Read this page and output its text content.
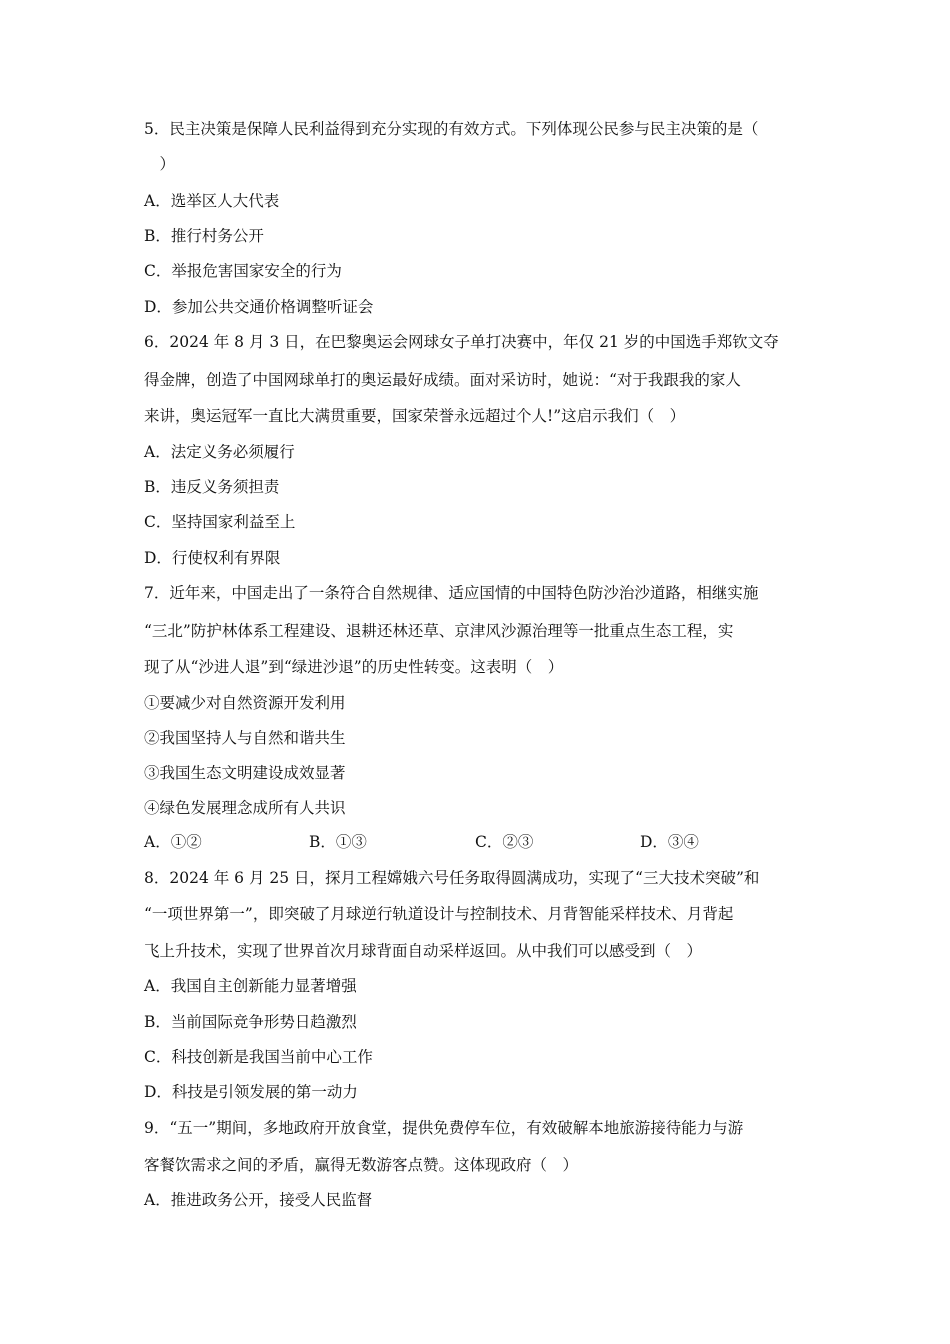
5．民主决策是保障人民利益得到充分实现的有效方式。下列体现公民参与民主决策的是（
　）
A．选举区人大代表
B．推行村务公开
C．举报危害国家安全的行为
D．参加公共交通价格调整听证会
6．2024 年 8 月 3 日，在巴黎奥运会网球女子单打决赛中，年仅 21 岁的中国选手郑钦文夺
得金牌，创造了中国网球单打的奥运最好成绩。面对采访时，她说：“对于我跟我的家人
来讲，奥运冠军一直比大满贯重要，国家荣誉永远超过个人!”这启示我们（　）
A．法定义务必须履行
B．违反义务须担责
C．坚持国家利益至上
D．行使权利有界限
7．近年来，中国走出了一条符合自然规律、适应国情的中国特色防沙治沙道路，相继实施
“三北”防护林体系工程建设、退耕还林还草、京津风沙源治理等一批重点生态工程，实
现了从“沙进人退”到“绿进沙退”的历史性转变。这表明（　）
①要减少对自然资源开发利用
②我国坚持人与自然和谐共生
③我国生态文明建设成效显著
④绿色发展理念成所有人共识
A．①②	B．①③	C．②③	D．③④
8．2024 年 6 月 25 日，探月工程嫦娥六号任务取得圆满成功，实现了“三大技术突破”和
“一项世界第一”，即突破了月球逆行轨道设计与控制技术、月背智能采样技术、月背起
飞上升技术，实现了世界首次月球背面自动采样返回。从中我们可以感受到（　）
A．我国自主创新能力显著增强
B．当前国际竞争形势日趋激烈
C．科技创新是我国当前中心工作
D．科技是引领发展的第一动力
9．“五一”期间，多地政府开放食堂，提供免费停车位，有效破解本地旅游接待能力与游
客餐饮需求之间的矛盾，赢得无数游客点赞。这体现政府（　）
A．推进政务公开，接受人民监督
